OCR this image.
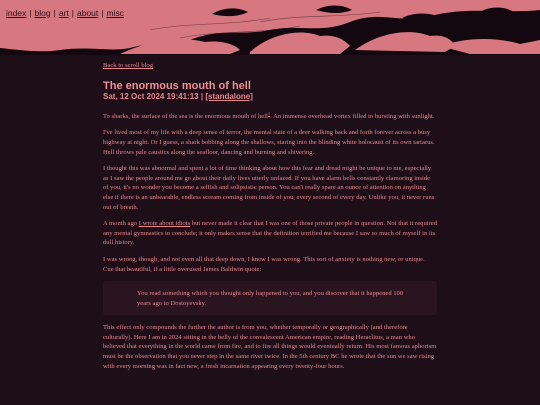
index | blog | art | about | misc
Back to scroll blog
The enormous mouth of hell
Sat, 12 Oct 2024 19:41:13 | [standalone]

To sharks, the surface of the sea is the enormous mouth of hell$^1$. An immense overhead vortex filled to bursting with sunlight.

I've lived most of my life with a deep sense of terror, the mental state of a deer walking back and forth forever across a busy highway at night. Or I guess, a shark bobbing along the shallows, staring into the blinding white holocaust of its own tartarus. Hell throws pale caustics along the seafloor, dancing and burning and shivering.

I thought this was abnormal and spent a lot of time thinking about how this fear and dread might be unique to me, especially as I saw the people around me go about their daily lives utterly unfazed. If you have alarm bells constantly clamoring inside of you, it's no wonder you become a selfish and solipsistic person. You can't really spare an ounce of attention on anything else if there is an unbearable, endless scream coming from inside of you, every second of every day. Unlike you, it never runs out of breath.

A month ago I wrote about idiots but never made it clear that I was one of those private people in question. Not that it required any mental gymnastics to conclude; it only makes sense that the definition terrified me because I saw so much of myself in its dull history.

I was wrong, though, and not even all that deep down, I knew I was wrong. This sort of anxiety is nothing new, or unique. Cue that beautiful, if a little overused James Baldwin quote:

You read something which you thought only happened to you, and you discover that it happened 100 years ago to Dostoyevsky.

This effect only compounds the further the author is from you, whether temporally or geographically (and therefore culturally). Here I am in 2024 sitting in the belly of the convalescent American empire, reading Heraclitus, a man who believed that everything in the world came from fire, and to fire all things would eventually return. His most famous aphorism must be the observation that you never step in the same river twice. In the 5th century BC he wrote that the sun we saw rising with every morning was in fact new, a fresh incarnation appearing every twenty-four hours.
